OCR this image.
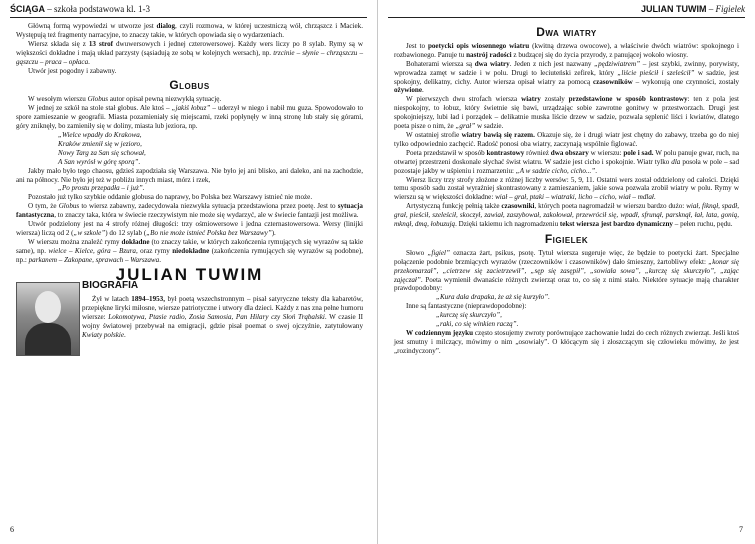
ŚCIĄGA – szkoła podstawowa kl. 1-3

Główną formą wypowiedzi w utworze jest dialog, czyli rozmowa, w której uczestniczą wół, chrząszcz i Maciek. Występują też fragmenty narracyjne, to znaczy takie, w których opowiada się o wydarzeniach.

Wiersz składa się z 13 strof dwuwersowych i jednej czterowersowej. Każdy wers liczy po 8 sylab. Rymy są w większości dokładne i mają układ parzysty (sąsiadują ze sobą w kolejnych wersach), np. trzcinie – słynie – chrząszczu – gąszczu – praca – opłaca.

Utwór jest pogodny i zabawny.

Globus

W wesołym wierszu Globus autor opisał pewną niezwykłą sytuację.

W jednej ze szkół na stole stał globus. Ale ktoś – „jakiś łobuz” – uderzył w niego i nabił mu guza. Spowodowało to spore zamieszanie w geografii. Miasta pozamieniały się miejscami, rzeki popłynęły w inną stronę lub stały się górami, góry zniknęły, bo zamieniły się w doliny, miasta lub jeziora, np.

„Wielce wpadły do Krakowa,
Kraków zmienił się w jezioro,
Nowy Targ za San się schował,
A San wyrósł w górę sporą”.

Jakby mało było tego chaosu, gdzieś zapodziała się Warszawa. Nie było jej ani blisko, ani daleko, ani na zachodzie, ani na północy. Nie było jej też w pobliżu innych miast, mórz i rzek,

„Po prostu przepadła – i już”.

Pozostało już tylko szybkie oddanie globusa do naprawy, bo Polska bez Warszawy istnieć nie może.

O tym, że Globus to wiersz zabawny, zadecydowała niezwykła sytuacja przedstawiona przez poetę. Jest to sytuacja fantastyczna, to znaczy taka, która w świecie rzeczywistym nie może się wydarzyć, ale w świecie fantazji jest możliwa.

Utwór podzielony jest na 4 strofy różnej długości: trzy ośmiowersowe i jedna czternastowersowa. Wersy (linijki wiersza) liczą od 2 („w szkole”) do 12 sylab („Bo nie może istnieć Polska bez Warszawy”).

W wierszu można znaleźć rymy dokładne (to znaczy takie, w których zakończenia rymujących się wyrazów są takie same), np. wielce – Kielce, góra – Bzura, oraz rymy niedokładne (zakończenia rymujących się wyrazów są podobne), np.: parkanem – Zakopane, sprawach – Warszawa.

JULIAN TUWIM
BIOGRAFIA
Żył w latach 1894–1953, był poetą wszechstronnym – pisał satyryczne teksty dla kabaretów, przepiękne liryki miłosne, wiersze patriotyczne i utwory dla dzieci. Każdy z nas zna pełne humoru wiersze: Lokomotywa, Ptasie radio, Zosia Samosia, Pan Hilary czy Słoń Trąbalski. W czasie II wojny światowej przebywał na emigracji, gdzie pisał poemat o swej ojczyźnie, zatytułowany Kwiaty polskie.
6
JULIAN TUWIM – Figielek
Dwa wiatry

Jest to poetycki opis wiosennego wiatru (kwitną drzewa owocowe), a właściwie dwóch wiatrów: spokojnego i rozbawionego. Panuje tu nastrój radości z budzącej się do życia przyrody, z panującej wokoło wiosny.

Bohaterami wiersza są dwa wiatry. Jeden z nich jest nazwany „pędziwiatrem” – jest szybki, zwinny, porywisty, wprowadza zamęt w sadzie i w polu. Drugi to leciuteński zefirek, który „liście pieścił i szeleścił” w sadzie, jest spokojny, delikatny, cichy. Autor wiersza opisał wiatry za pomocą czasowników – wykonują one czynności, zostały ożywione.

W pierwszych dwu strofach wiersza wiatry zostały przedstawione w sposób kontrastowy: ten z pola jest niespokojny, to łobuz, który świetnie się bawi, urządzając sobie zawrotne gonitwy w przestworzach. Drugi jest spokojniejszy, lubi ład i porządek – delikatnie muska liście drzew w sadzie, pozwala sęplenić liści i kwiatów, dlatego poeta pisze o nim, że „grał” w sadzie.

W ostatniej strofie wiatry bawią się razem. Okazuje się, że i drugi wiatr jest chętny do zabawy, trzeba go do niej tylko odpowiednio zachęcić. Radość ponosi oba wiatry, zaczynają wspólnie figlować.

Poeta przedstawił w sposób kontrastowy również dwa obszary w wierszu: pole i sad. W polu panuje gwar, ruch, na otwartej przestrzeni doskonale słychać świst wiatru. W sadzie jest cicho i spokojnie. Wiatr tylko dla posoła w pole – sad pozostaje jakby w uśpieniu i rozmarzeniu: „A w sadzie cicho, cicho...”.

Wiersz liczy trzy strofy złożone z różnej liczby wersów: 5, 9, 11. Ostatni wers został oddzielony od całości. Dzięki temu sposób sadu został wyraźniej skontrastowany z zamieszaniem, jakie sowa pozwala zrobił wiatry w polu. Rymy w wierszu są w większości dokładne: wiał – grał, ptaki – wiatraki, licho – cicho, wiał – mdlał.

Artystyczną funkcję pełnią także czasowniki, których poeta nagromadził w wierszu bardzo dużo: wiał, fiknął, spadł, grał, pieścił, szeleścił, skoczył, zawiał, zaszybował, zakołował, przewrócił się, wpadł, sfrunął, parsknął, łał, lata, gonią, mknął, dmą, łobuzują. Dzięki takiemu ich nagromadzeniu tekst wiersza jest bardzo dynamiczny – pełen ruchu, pędu.

Figielek

Słowo „figiel” oznacza żart, psikus, psotę. Tytuł wiersza sugeruje więc, że będzie to poetycki żart. Specjalne połączenie podobnie brzmiących wyrazów (rzeczowników i czasowników) dało śmieszny, żartobliwy efekt: „konar się przekomarzał”, „cietrzew się zacietrzewił”, „sęp się zasępił”, „sowiała sowa”, „kurczę się skurczyło”, „zając zajęczał”. Poeta wymienił dwanaście różnych zwierząt oraz to, co się z nimi stało. Niektóre sytuacje mają charakter prawdopodobny:

„Kura dała drapaka, że aż się kurzyło”.

Inne są fantastyczne (nieprawdopodobne):

„kurczę się skurczyło”,
„raki, co się winkien raczą”.

W codziennym języku często stosujemy zwroty porównujące zachowanie ludzi do cech różnych zwierząt. Jeśli ktoś jest smutny i milczący, mówimy o nim „osowiały”. O kłócącym się i złoszczącym się człowieku mówimy, że jest „rozindyczony”.

7
